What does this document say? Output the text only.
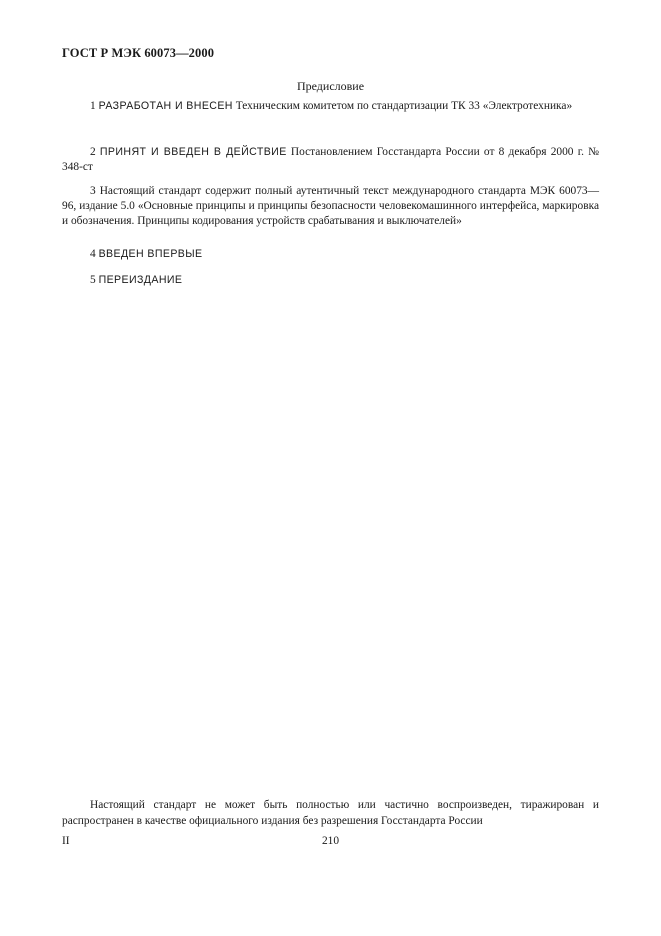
ГОСТ Р МЭК 60073—2000
Предисловие
1 РАЗРАБОТАН И ВНЕСЕН Техническим комитетом по стандартизации ТК 33 «Электротехника»
2 ПРИНЯТ И ВВЕДЕН В ДЕЙСТВИЕ Постановлением Госстандарта России от 8 декабря 2000 г. № 348-ст
3 Настоящий стандарт содержит полный аутентичный текст международного стандарта МЭК 60073—96, издание 5.0 «Основные принципы и принципы безопасности человекомашинного интерфейса, маркировка и обозначения. Принципы кодирования устройств срабатывания и выключателей»
4 ВВЕДЕН ВПЕРВЫЕ
5 ПЕРЕИЗДАНИЕ
Настоящий стандарт не может быть полностью или частично воспроизведен, тиражирован и распространен в качестве официального издания без разрешения Госстандарта России
II	210
